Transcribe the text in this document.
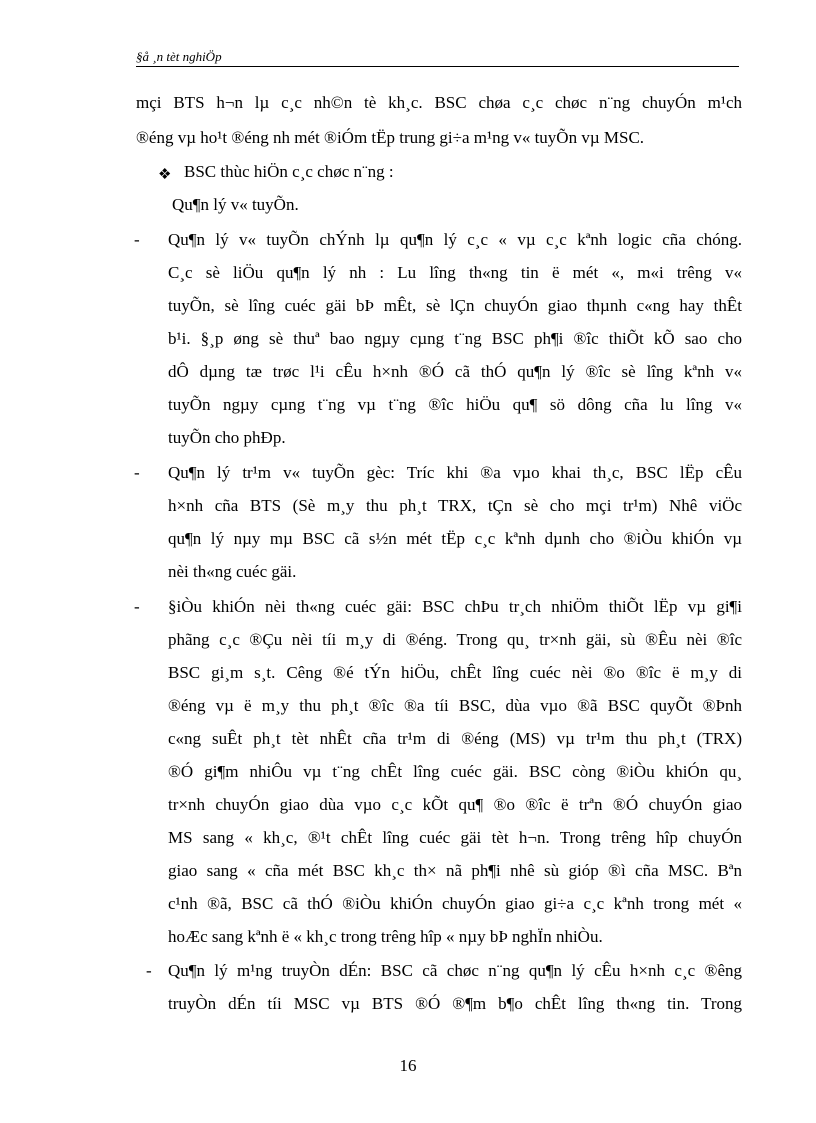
§å ¸n tèt nghiÖp
mçi BTS h¬n lµ c¸c nh©n tè kh¸c. BSC chøa c¸c chøc n¨ng chuyÓn m¹ch
®éng vµ ho¹t ®éng nh mét ®iÓm tËp trung gi÷a m¹ng v« tuyÕn vµ MSC.
❖ BSC thùc hiÖn c¸c chøc n¨ng :
Qu¶n lý v« tuyÕn.
- Qu¶n lý v« tuyÕn chÝnh lµ qu¶n lý c¸c « vµ c¸c kªnh logic cña chóng.
C¸c sè liÖu qu¶n lý nh : Lu lîng th«ng tin ë mét «, m«i trêng v«
tuyÕn, sè lîng cuéc gäi bÞ mÊt, sè lÇn chuyÓn giao thµnh c«ng hay thÊt
b¹i. §¸p øng sè thuª bao ngµy cµng t¨ng BSC ph¶i ®îc thiÕt kÕ sao cho
dÔ dµng tæ trøc l¹i cÊu h×nh ®Ó cã thÓ qu¶n lý ®îc sè lîng kªnh v«
tuyÕn ngµy cµng t¨ng vµ t¨ng ®îc hiÖu qu¶ sö dông cña lu lîng v«
tuyÕn cho phÐp.
- Qu¶n lý tr¹m v« tuyÕn gèc: Tríc khi ®a vµo khai th¸c, BSC lËp cÊu
h×nh cña BTS (Sè m¸y thu ph¸t TRX, tÇn sè cho mçi tr¹m) Nhê viÖc
qu¶n lý nµy mµ BSC cã s½n mét tËp c¸c kªnh dµnh cho ®iÒu khiÓn vµ
nèi th«ng cuéc gäi.
- §iÒu khiÓn nèi th«ng cuéc gäi: BSC chÞu tr¸ch nhiÖm thiÕt lËp vµ gi¶i
phãng c¸c ®Çu nèi tíi m¸y di ®éng. Trong qu¸ tr×nh gäi, sù ®Êu nèi ®îc
BSC gi¸m s¸t. Cêng ®é tÝn hiÖu, chÊt lîng cuéc nèi ®o ®îc ë m¸y di
®éng vµ ë m¸y thu ph¸t ®îc ®a tíi BSC, dùa vµo ®ã BSC quyÕt ®Þnh
c«ng suÊt ph¸t tèt nhÊt cña tr¹m di ®éng (MS) vµ tr¹m thu ph¸t (TRX)
®Ó gi¶m nhiÔu vµ t¨ng chÊt lîng cuéc gäi. BSC còng ®iÒu khiÓn qu¸
tr×nh chuyÓn giao dùa vµo c¸c kÕt qu¶ ®o ®îc ë trªn ®Ó chuyÓn giao
MS sang « kh¸c, ®¹t chÊt lîng cuéc gäi tèt h¬n. Trong trêng hîp chuyÓn
giao sang « cña mét BSC kh¸c th× nã ph¶i nhê sù gióp ®ì cña MSC. Bªn
c¹nh ®ã, BSC cã thÓ ®iÒu khiÓn chuyÓn giao gi÷a c¸c kªnh trong mét «
hoÆc sang kªnh ë « kh¸c trong trêng hîp « nµy bÞ nghÏn nhiÒu.
- Qu¶n lý m¹ng truyÒn dÉn: BSC cã chøc n¨ng qu¶n lý cÊu h×nh c¸c ®êng
truyÒn dÉn tíi MSC vµ BTS ®Ó ®¶m b¶o chÊt lîng th«ng tin. Trong
16
